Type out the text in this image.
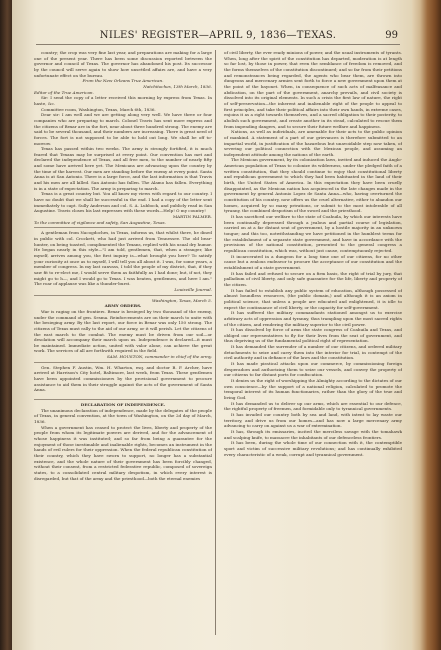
NILES' REGISTER—APRIL 9, 1836—TEXAS.	99

country; the crop was very fine last year, and preparations are making for a large one of the present year. There has been some discussion reported between the governor and council of Texas. The governor has abandoned his post. Its successor by the council will serve again to show how unsettled affairs are, and have a very unfortunate effect on the bureau.

From the New Orleans True American.

Natchitoches, 13th March, 1836.

Editor of the True American.

Sir: I send the copy of a letter received this morning by express from Texas. In haste, &c.

Committee room, Washington, Texas, March 6th, 1836.

Dear sir: I am well and we are getting along very well. We have three or four companies who are preparing to march. Colonel Travis has sent more express and the citizens of Bexar are in the fort, near about three hundred strong. The enemy are said to be several thousand, and their numbers are increasing. There is great need of forces. The fort is not supposed to be able to hold out long. We shall be off to-morrow.

Texas has passed within two weeks. The army is strongly fortified, it is much feared that Texans may be surprised at every point. Our convention has met and declared the independence of Texas, and all free men, to the number of nearly fifty and some have arrived here yet. The Mexicans are advancing upon the country by the time of the harvest. Our men are standing before the enemy at every point. Santa Anna is at San Antonio. There is a large force, and the last information is that Travis and his men are all killed. San Antonio has fallen. The Alamo has fallen. Everything is in a state of expectation. The army is preparing to march.

Texas is a great country but. You all know my views with regard to our country. I have no doubt that we shall be successful in the end. I had a copy of the letter sent immediately to capt. Sully Anderson and col. S. A. Lubbock, and publicly read in San Augustine. Travis closes his last expresses with these words—Help! O my country!

MARTIN PALMER.

To the committee of vigilance and safety, San Augustine, Texas.

A gentleman from Nacogdoches, in Texas, informs us, that whilst there, he dined in public with col. Crockett, who had just arrived from Tennessee. The old bear-hunter, on being toasted, complimented the Texans, replied with his usual dry humor. He began nearly in this style—"I am told, gentlemen, that, when a stranger, like myself, arrives among you, the first inquiry is—what brought you here? To satisfy your curiosity at once as to myself, I will tell you all about it. I was, for some years, a member of congress. In my last canvass, I told the people of my district, that, if they saw fit to re-elect me, I would serve them as faithfully as I had done; but, if not, they might go to h—, and I would go to Texas. I was beaten, gentlemen, and here I am." The roar of applause was like a thunder-burst.

Louisville Journal.

Washington, Texas, March 5.

ARMY ORDERS.

War is raging on the frontiers. Bexar is besieged by two thousand of the enemy, under the command of gen. Sesma. Reinforcements are on their march to unite with the besieging army. By the last report, our force in Bexar was only 150 strong. The citizens of Texas must rally to the aid of our army, or it will perish. Let the citizens of the east march to the combat. The enemy must be driven from our soil—or desolation will accompany their march upon us. Independence is declared—it must be maintained. Immediate action, united with valor alone, can achieve the great work. The services of all are forthwith required in the field.

SAM. HOUSTON, commander in chief of the army.

Gen. Stephen F. Austin, Wm. H. Wharton, esq. and doctor B. F. Archer, have arrived at Harrison's City hotel, Baltimore, last week, from Texas. These gentlemen have been appointed commissioners by the provisional government to procure assistance to aid them in their struggle against the acts of the government of Santa Anna.

DECLARATION OF INDEPENDENCE.

The unanimous declaration of independence, made by the delegates of the people of Texas, in general convention, at the town of Washington, on the 2d day of March, 1836.

When a government has ceased to protect the lives, liberty and property of the people from whom its legitimate powers are derived, and for the advancement of whose happiness it was instituted; and so far from being a guarantee for the enjoyment of those inestimable and inalienable rights, becomes an instrument in the hands of evil rulers for their oppression. When the federal republican constitution of their country, which they have sworn to support, no longer has a substantial existence, and the whole nature of their government has been forcibly changed, without their consent, from a restricted federative republic, composed of sovereign states, to a consolidated central military despotism, in which every interest is disregarded, but that of the army and the priesthood—both the eternal enemies

of civil liberty, the ever ready minions of power, and the usual instruments of tyrants. When, long after the spirit of the constitution has departed, moderation is at length so far lost, by those in power, that even the semblance of freedom is removed, and the forms themselves of the constitution discontinued; and so far from their petitions and remonstrances being regarded, the agents who bear them, are thrown into dungeons and mercenary armies sent forth to force a new government upon them at the point of the bayonet. When, in consequence of such acts of malfeasance and abdication, on the part of the government, anarchy prevails, and civil society is dissolved into its original elements. In such a crisis the first law of nature, the right of self-preservation—the inherent and inalienable right of the people to appeal to first principles, and take their political affairs into their own hands, in extreme cases, enjoins it as a right towards themselves, and a sacred obligation to their posterity, to abolish such government, and create another in its stead, calculated to rescue them from impending dangers, and to secure their future welfare and happiness.

Nations, as well as individuals, are amenable for their acts to the public opinion of mankind. A statement of a part of our grievances is therefore submitted to an impartial world, in justification of the hazardous but unavoidable step now taken, of severing our political connection with the Mexican people, and assuming an independent attitude among the nations of the earth.

The Mexican government, by its colonization laws, invited and induced the Anglo-American population of Texas to colonize its wilderness, under the pledged faith of a written constitution, that they should continue to enjoy that constitutional liberty and republican government to which they had been habituated in the land of their birth, the United States of America. In this expectation they have been cruelly disappointed, as the Mexican nation has acquiesced in the late changes made in the government by general Antonio Lopez de Santa Anna—who, having overturned the constitution of his country, now offers us the cruel alternative, either to abandon our homes, acquired by so many privations, or submit to the most intolerable of all tyranny, the combined despotism of the sword and the priesthood.

It has sacrificed our welfare to the state of Coahuila, by which our interests have been continually depressed through a jealous and partial course of legislation, carried on at a far distant seat of government, by a hostile majority in an unknown tongue; and this too, notwithstanding we have petitioned in the humblest terms for the establishment of a separate state government, and have in accordance with the provisions of the national constitution, presented to the general congress a republican constitution, which was, without just cause, contemptuously rejected.

It incarcerated in a dungeon for a long time one of our citizens, for no other cause but a zealous endeavor to procure the acceptance of our constitution and the establishment of a state government.

It has failed and refused to secure on a firm basis, the right of trial by jury, that palladium of civil liberty, and only safe guarantee for the life, liberty and property of the citizen.

It has failed to establish any public system of education, although possessed of almost boundless resources, (the public domain,) and although it is an axiom in political science, that unless a people are educated and enlightened, it is idle to expect the continuance of civil liberty, or the capacity for self-government.

It has suffered the military commandants stationed amongst us to exercise arbitrary acts of oppression and tyranny, thus trampling upon the most sacred rights of the citizen, and rendering the military superior to the civil power.

It has dissolved by force of arms the state congress of Coahuila and Texas, and obliged our representatives to fly for their lives from the seat of government, and thus depriving us of the fundamental political right of representation.

It has demanded the surrender of a number of our citizens, and ordered military detachments to seize and carry them into the interior for trial, in contempt of the civil authority and in defiance of the laws and the constitution.

It has made piratical attacks upon our commerce, by commissioning foreign desperadoes and authorizing them to seize our vessels, and convey the property of our citizens to far distant ports for confiscation.

It denies us the right of worshipping the Almighty according to the dictates of our own conscience—by the support of a national religion, calculated to promote the temporal interest of its human functionaries, rather than the glory of the true and living God.

It has demanded us to deliver up our arms, which are essential to our defence, the rightful property of freemen, and formidable only to tyrannical governments.

It has invaded our country both by sea and land, with intent to lay waste our territory, and drive us from our homes—and has now a large mercenary army advancing to carry on against us a war of extermination.

It has, through its emissaries, incited the merciless savage with the tomahawk and scalping knife, to massacre the inhabitants of our defenceless frontiers.

It has been, during the whole time of our connection with it, the contemptible sport and victim of successive military revolutions; and has continually exhibited every characteristic of a weak, corrupt and tyrannical government.
